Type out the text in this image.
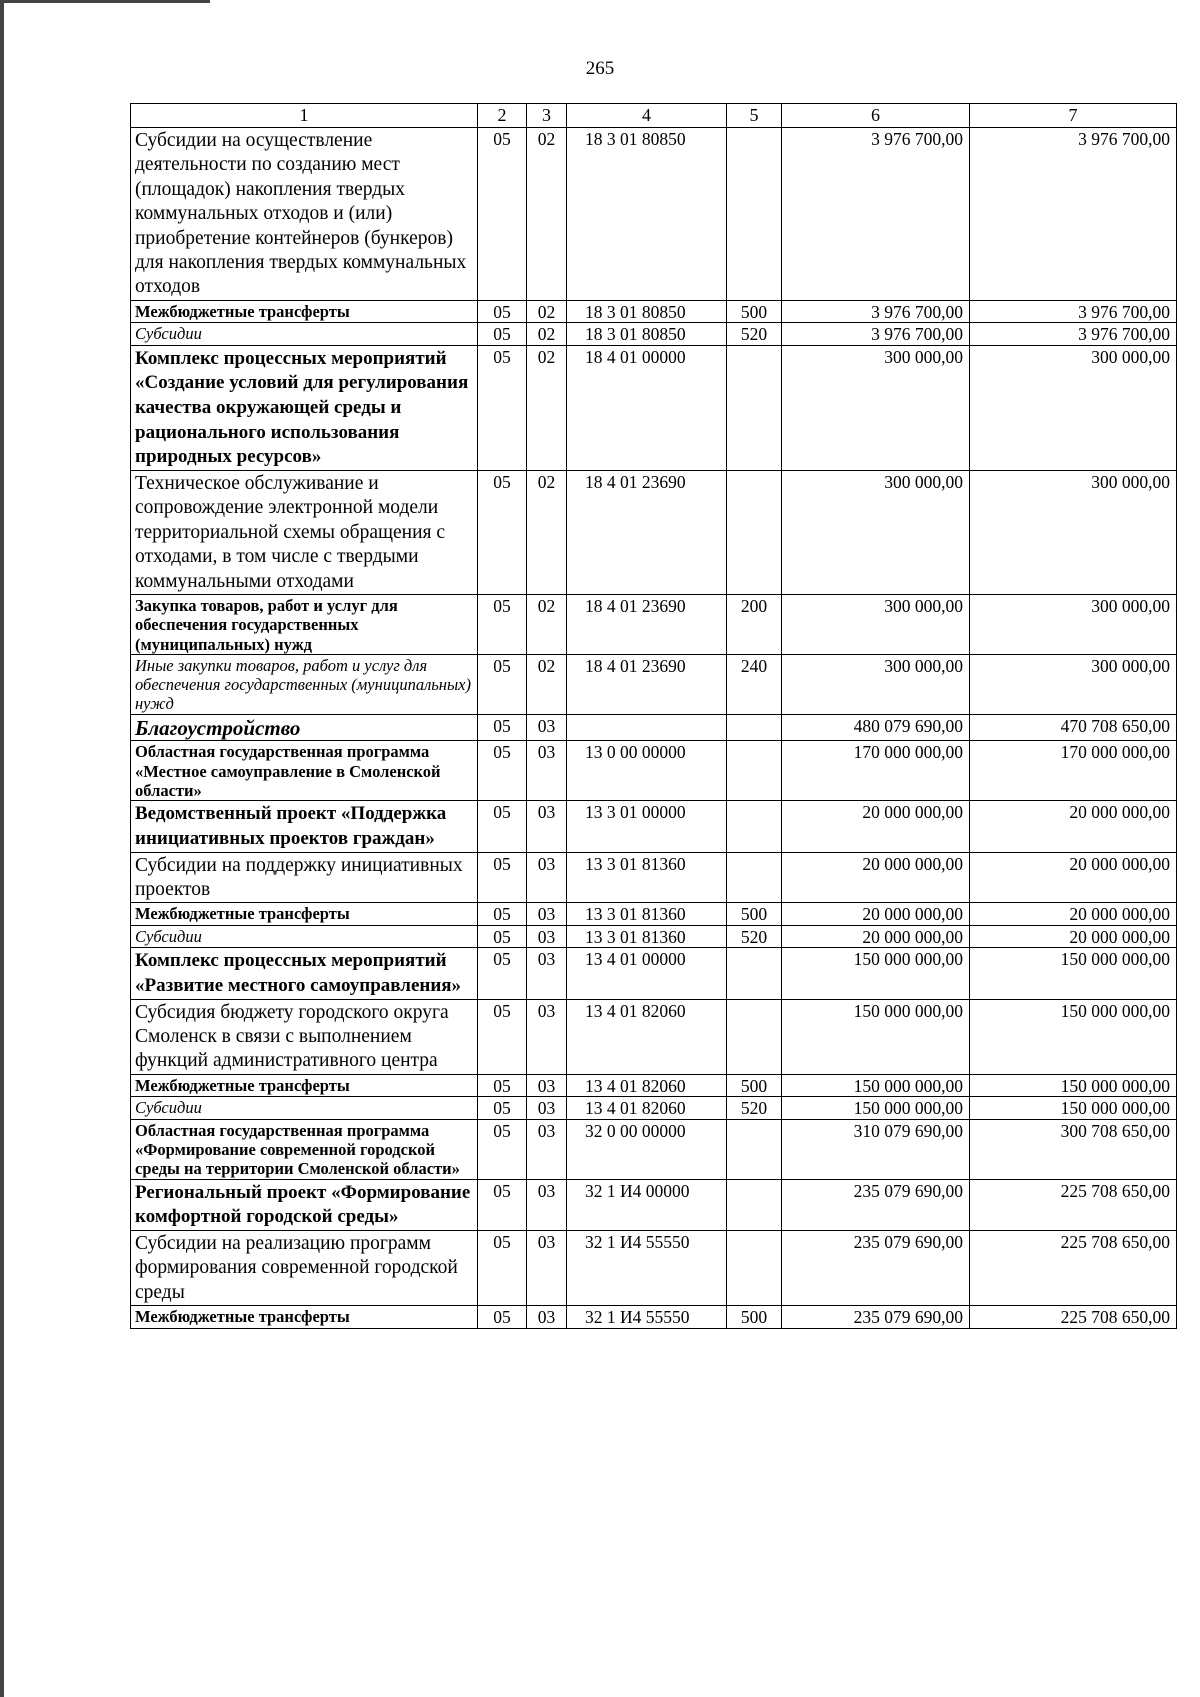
265
1	2	3	4	5	6	7
Субсидии на осуществление деятельности по созданию мест (площадок) накопления твердых коммунальных отходов и (или) приобретение контейнеров (бункеров) для накопления твердых коммунальных отходов	05	02	18 3 01 80850		3 976 700,00	3 976 700,00
Межбюджетные трансферты	05	02	18 3 01 80850	500	3 976 700,00	3 976 700,00
Субсидии	05	02	18 3 01 80850	520	3 976 700,00	3 976 700,00
Комплекс процессных мероприятий «Создание условий для регулирования качества окружающей среды и рационального использования природных ресурсов»	05	02	18 4 01 00000		300 000,00	300 000,00
Техническое обслуживание и сопровождение электронной модели территориальной схемы обращения с отходами, в том числе с твердыми коммунальными отходами	05	02	18 4 01 23690		300 000,00	300 000,00
Закупка товаров, работ и услуг для обеспечения государственных (муниципальных) нужд	05	02	18 4 01 23690	200	300 000,00	300 000,00
Иные закупки товаров, работ и услуг для обеспечения государственных (муниципальных) нужд	05	02	18 4 01 23690	240	300 000,00	300 000,00
Благоустройство	05	03			480 079 690,00	470 708 650,00
Областная государственная программа «Местное самоуправление в Смоленской области»	05	03	13 0 00 00000		170 000 000,00	170 000 000,00
Ведомственный проект «Поддержка инициативных проектов граждан»	05	03	13 3 01 00000		20 000 000,00	20 000 000,00
Субсидии на поддержку инициативных проектов	05	03	13 3 01 81360		20 000 000,00	20 000 000,00
Межбюджетные трансферты	05	03	13 3 01 81360	500	20 000 000,00	20 000 000,00
Субсидии	05	03	13 3 01 81360	520	20 000 000,00	20 000 000,00
Комплекс процессных мероприятий «Развитие местного самоуправления»	05	03	13 4 01 00000		150 000 000,00	150 000 000,00
Субсидия бюджету городского округа Смоленск в связи с выполнением функций административного центра	05	03	13 4 01 82060		150 000 000,00	150 000 000,00
Межбюджетные трансферты	05	03	13 4 01 82060	500	150 000 000,00	150 000 000,00
Субсидии	05	03	13 4 01 82060	520	150 000 000,00	150 000 000,00
Областная государственная программа «Формирование современной городской среды на территории Смоленской области»	05	03	32 0 00 00000		310 079 690,00	300 708 650,00
Региональный проект «Формирование комфортной городской среды»	05	03	32 1 И4 00000		235 079 690,00	225 708 650,00
Субсидии на реализацию программ формирования современной городской среды	05	03	32 1 И4 55550		235 079 690,00	225 708 650,00
Межбюджетные трансферты	05	03	32 1 И4 55550	500	235 079 690,00	225 708 650,00
